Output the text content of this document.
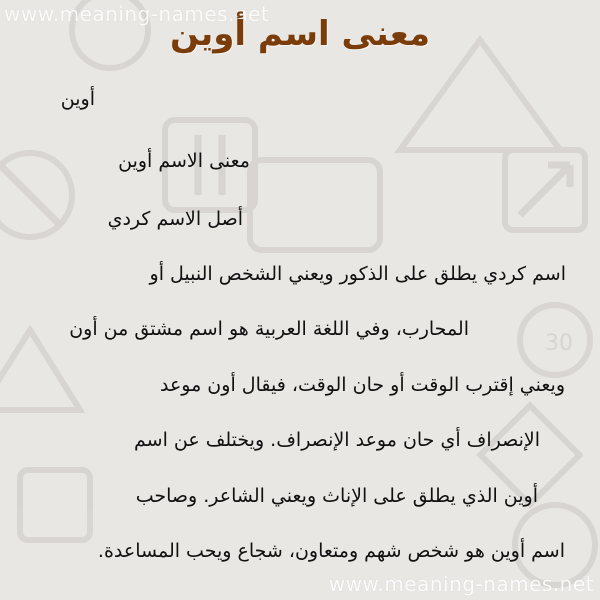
30
www.meaning-names.net
معنى اسم أوين
أوين
معنى الاسم أوين
أصل الاسم كردي
اسم كردي يطلق على الذكور ويعني الشخص النبيل أو
المحارب، وفي اللغة العربية هو اسم مشتق من أون
ويعني إقترب الوقت أو حان الوقت، فيقال أون موعد
الإنصراف أي حان موعد الإنصراف. ويختلف عن اسم
أوين الذي يطلق على الإناث ويعني الشاعر. وصاحب
اسم أوين هو شخص شهم ومتعاون، شجاع ويحب المساعدة.
www.meaning-names.net
